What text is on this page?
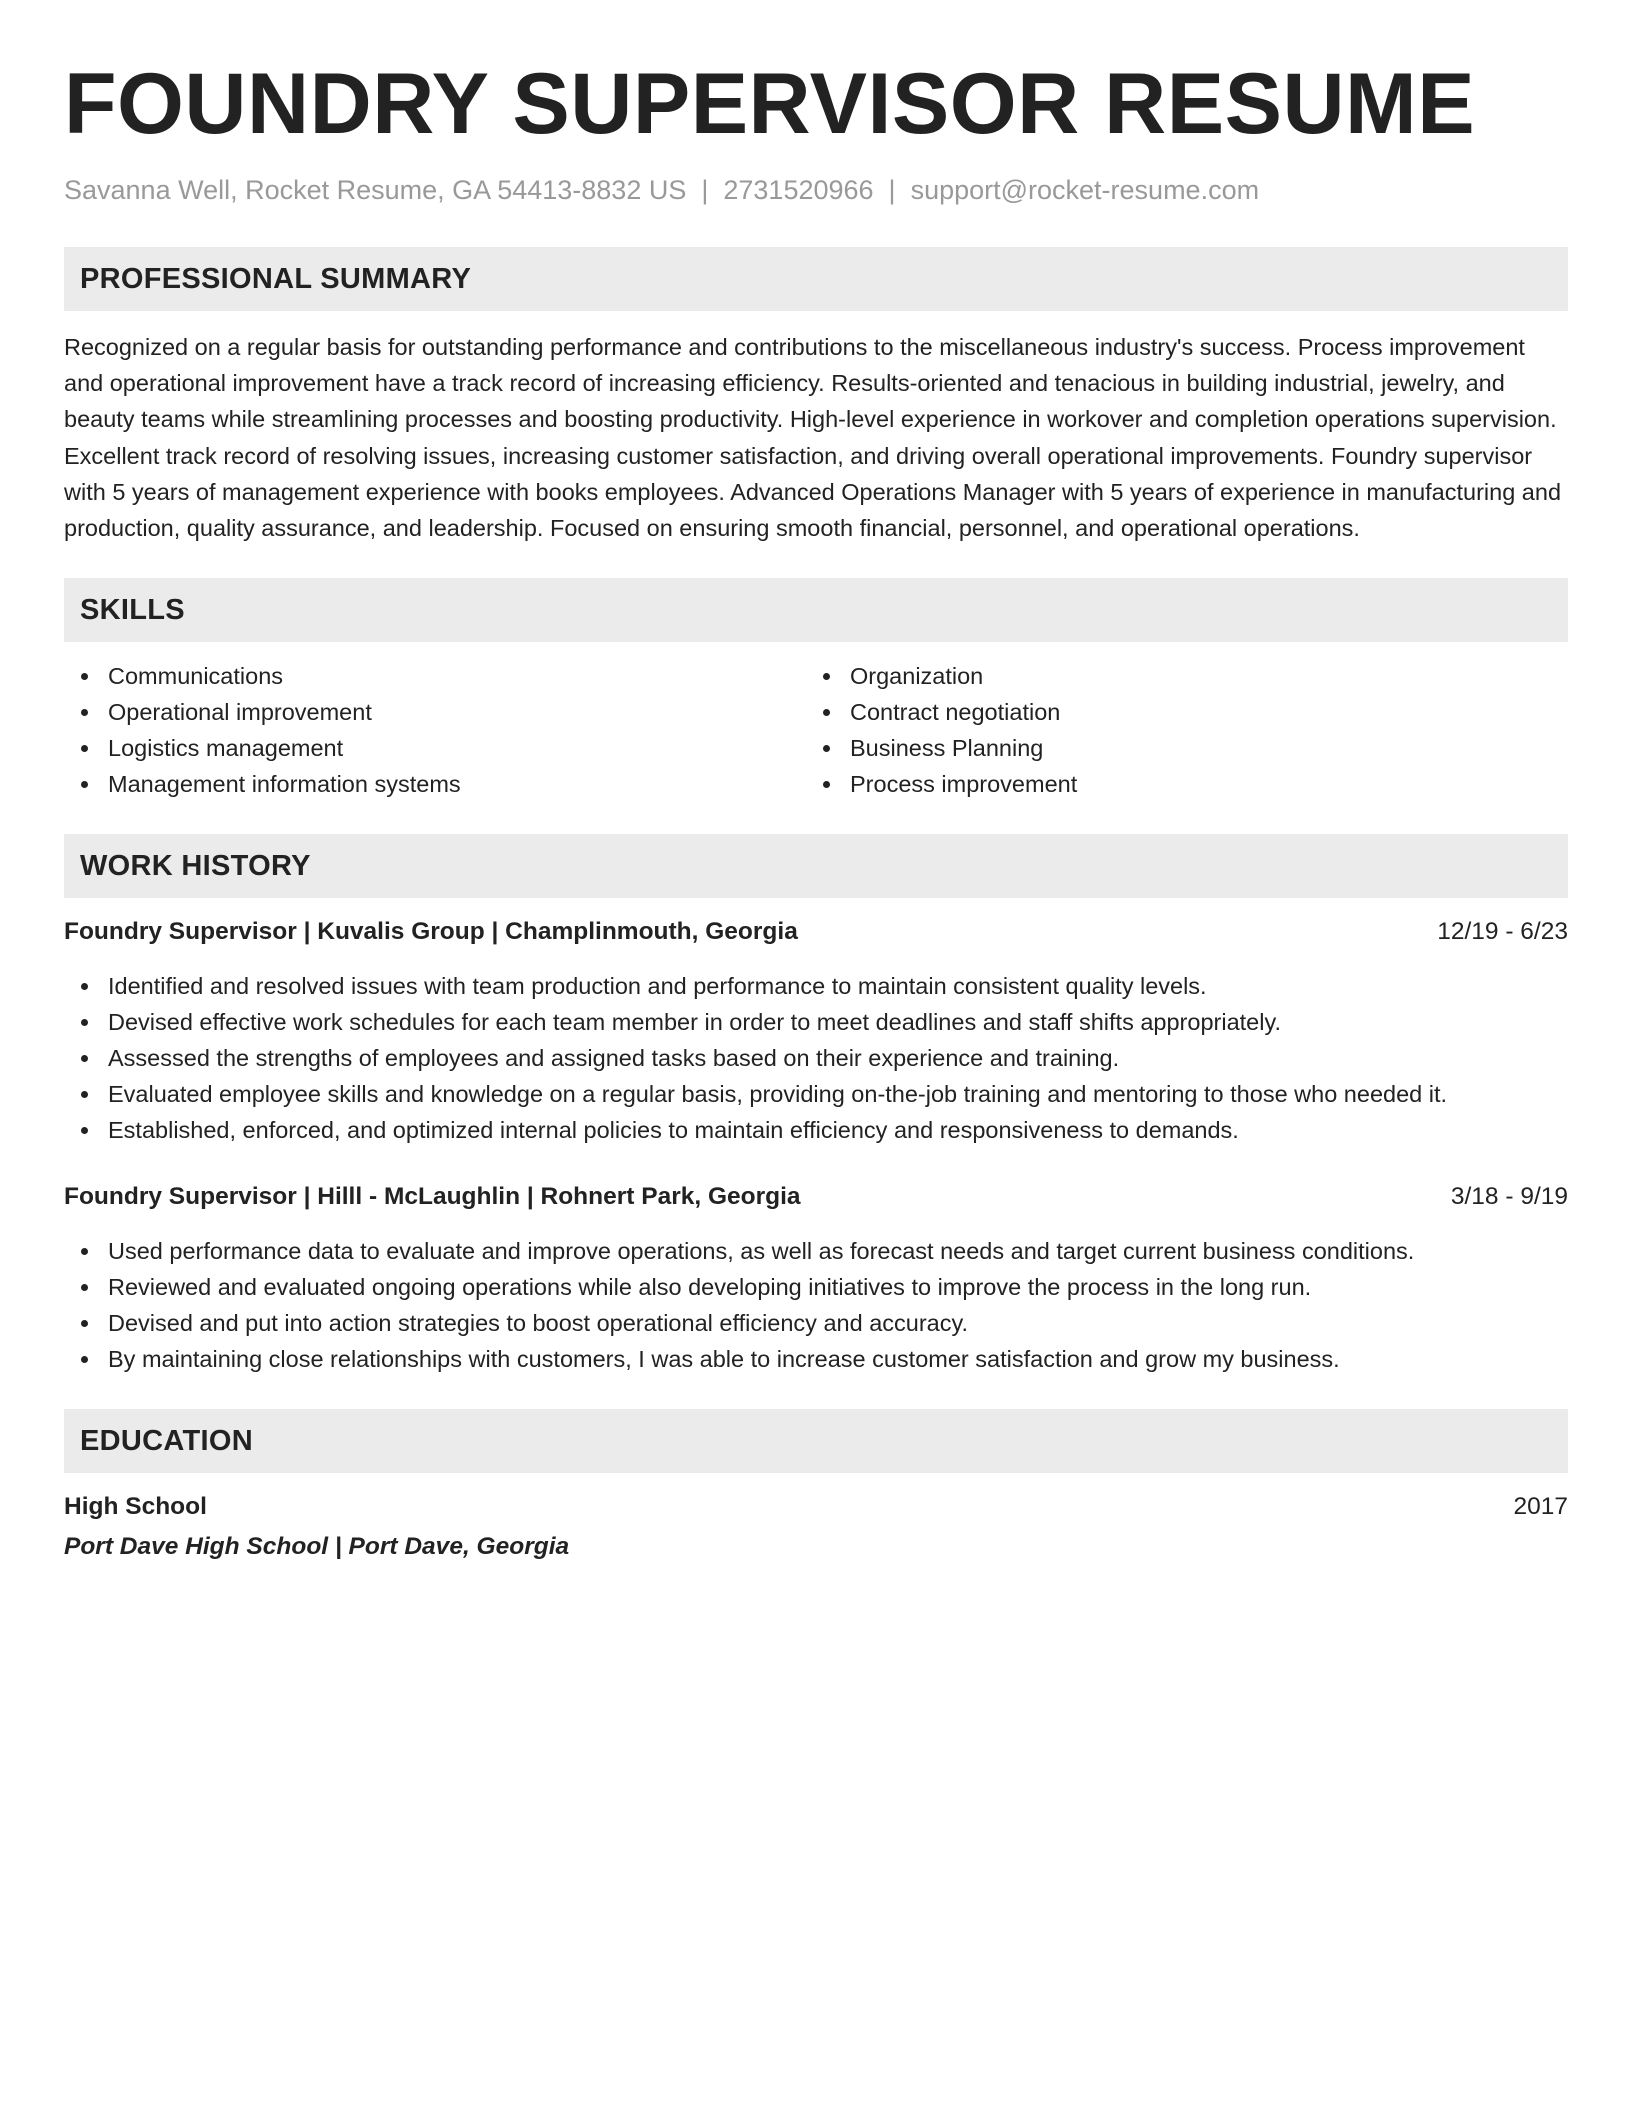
FOUNDRY SUPERVISOR RESUME
Savanna Well, Rocket Resume, GA 54413-8832 US | 2731520966 | support@rocket-resume.com
PROFESSIONAL SUMMARY

Recognized on a regular basis for outstanding performance and contributions to the miscellaneous industry's success. Process improvement and operational improvement have a track record of increasing efficiency. Results-oriented and tenacious in building industrial, jewelry, and beauty teams while streamlining processes and boosting productivity. High-level experience in workover and completion operations supervision. Excellent track record of resolving issues, increasing customer satisfaction, and driving overall operational improvements. Foundry supervisor with 5 years of management experience with books employees. Advanced Operations Manager with 5 years of experience in manufacturing and production, quality assurance, and leadership. Focused on ensuring smooth financial, personnel, and operational operations.

SKILLS
Communications
Operational improvement
Logistics management
Management information systems
Organization
Contract negotiation
Business Planning
Process improvement
WORK HISTORY
Foundry Supervisor | Kuvalis Group | Champlinmouth, Georgia	12/19 - 6/23
Identified and resolved issues with team production and performance to maintain consistent quality levels.
Devised effective work schedules for each team member in order to meet deadlines and staff shifts appropriately.
Assessed the strengths of employees and assigned tasks based on their experience and training.
Evaluated employee skills and knowledge on a regular basis, providing on-the-job training and mentoring to those who needed it.
Established, enforced, and optimized internal policies to maintain efficiency and responsiveness to demands.
Foundry Supervisor | Hilll - McLaughlin | Rohnert Park, Georgia	3/18 - 9/19
Used performance data to evaluate and improve operations, as well as forecast needs and target current business conditions.
Reviewed and evaluated ongoing operations while also developing initiatives to improve the process in the long run.
Devised and put into action strategies to boost operational efficiency and accuracy.
By maintaining close relationships with customers, I was able to increase customer satisfaction and grow my business.
EDUCATION
High School	2017
Port Dave High School | Port Dave, Georgia
